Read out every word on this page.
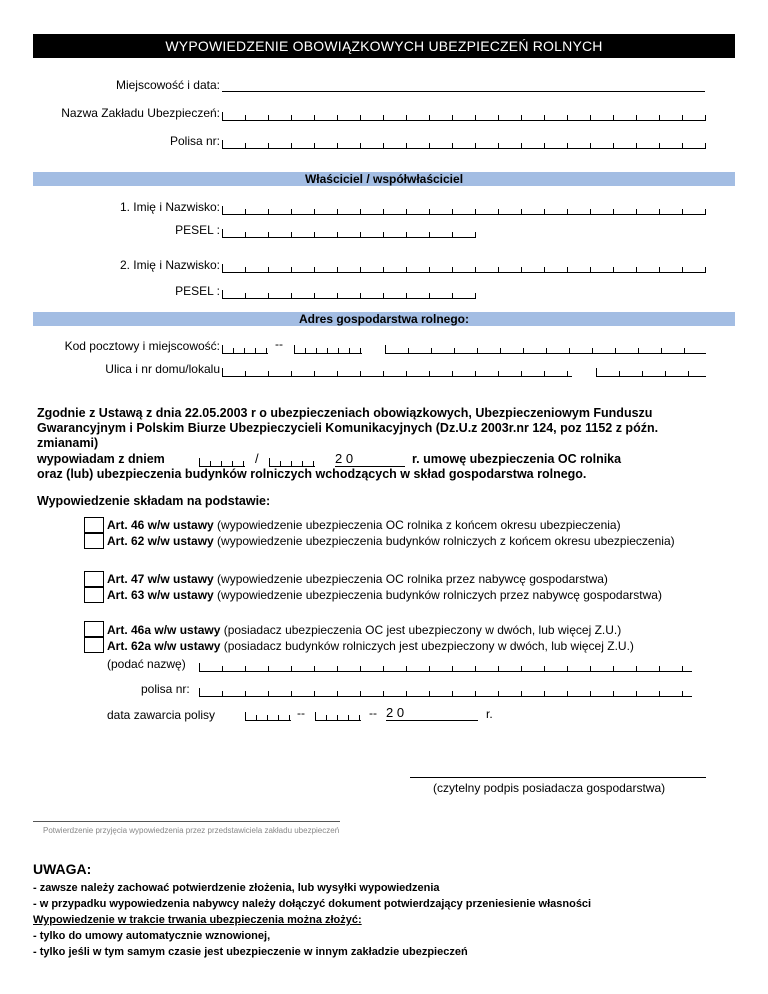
WYPOWIEDZENIE OBOWIĄZKOWYCH UBEZPIECZEŃ ROLNYCH
Miejscowość i data:
Nazwa Zakładu Ubezpieczeń:
Polisa nr:
Właściciel / współwłaściciel
1. Imię i Nazwisko:
PESEL :
2. Imię i Nazwisko:
PESEL :
Adres gospodarstwa rolnego:
Kod pocztowy i miejscowość:	--
Ulica i nr domu/lokalu
Zgodnie z Ustawą z dnia 22.05.2003 r o ubezpieczeniach obowiązkowych, Ubezpieczeniowym Funduszu
Gwarancyjnym i Polskim Biurze Ubezpieczycieli Komunikacyjnych (Dz.U.z 2003r.nr 124, poz 1152 z późn.
zmianami)
wypowiadam z dniem	/	2 0	r. umowę ubezpieczenia OC rolnika
oraz (lub) ubezpieczenia budynków rolniczych wchodzących w skład gospodarstwa rolnego.
Wypowiedzenie składam na podstawie:
Art. 46 w/w ustawy (wypowiedzenie ubezpieczenia OC rolnika z końcem okresu ubezpieczenia)
Art. 62 w/w ustawy (wypowiedzenie ubezpieczenia budynków rolniczych z końcem okresu ubezpieczenia)
Art. 47 w/w ustawy (wypowiedzenie ubezpieczenia OC rolnika przez nabywcę gospodarstwa)
Art. 63 w/w ustawy (wypowiedzenie ubezpieczenia budynków rolniczych przez nabywcę gospodarstwa)
Art. 46a w/w ustawy (posiadacz ubezpieczenia OC jest ubezpieczony w dwóch, lub więcej Z.U.)
Art. 62a w/w ustawy (posiadacz budynków rolniczych jest ubezpieczony w dwóch, lub więcej Z.U.)
(podać nazwę)
polisa nr:
data zawarcia polisy	--	-- 2 0	r.
(czytelny podpis posiadacza gospodarstwa)
Potwierdzenie przyjęcia wypowiedzenia przez przedstawiciela zakładu ubezpieczeń
UWAGA:
- zawsze należy zachować potwierdzenie złożenia, lub wysyłki wypowiedzenia
- w przypadku wypowiedzenia nabywcy należy dołączyć dokument potwierdzający przeniesienie własności
Wypowiedzenie w trakcie trwania ubezpieczenia można złożyć:
- tylko do umowy automatycznie wznowionej,
- tylko jeśli w tym samym czasie jest ubezpieczenie w innym zakładzie ubezpieczeń
